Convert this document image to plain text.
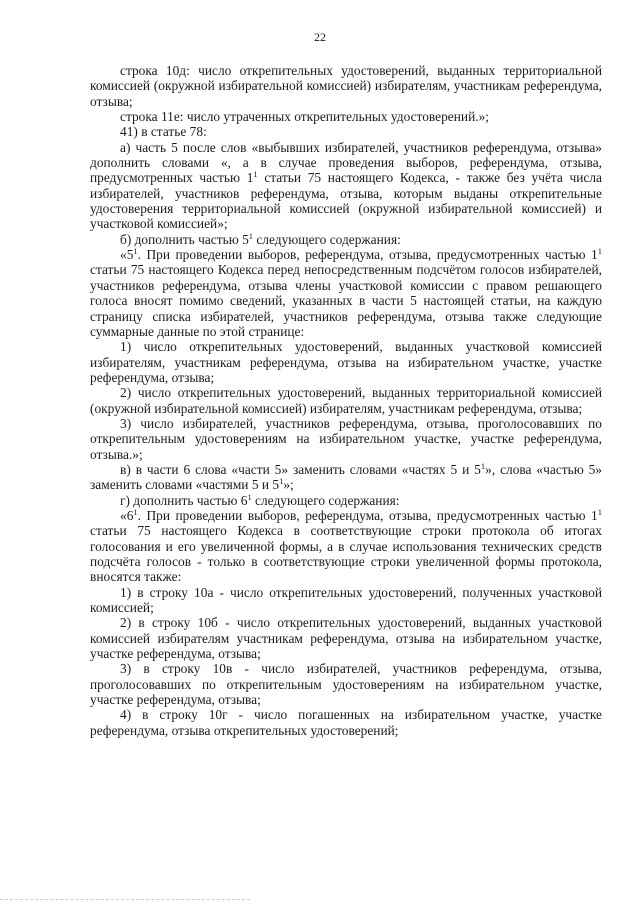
22

строка 10д: число открепительных удостоверений, выданных территориальной комиссией (окружной избирательной комиссией) избирателям, участникам референдума, отзыва;

строка 11е: число утраченных открепительных удостоверений.»;

41) в статье 78:

а) часть 5 после слов «выбывших избирателей, участников референдума, отзыва» дополнить словами «, а в случае проведения выборов, референдума, отзыва, предусмотренных частью $1^1$ статьи 75 настоящего Кодекса, - также без учёта числа избирателей, участников референдума, отзыва, которым выданы открепительные удостоверения территориальной комиссией (окружной избирательной комиссией) и участковой комиссией»;

б) дополнить частью $5^1$ следующего содержания:

«$5^1$. При проведении выборов, референдума, отзыва, предусмотренных частью $1^1$ статьи 75 настоящего Кодекса перед непосредственным подсчётом голосов избирателей, участников референдума, отзыва члены участковой комиссии с правом решающего голоса вносят помимо сведений, указанных в части 5 настоящей статьи, на каждую страницу списка избирателей, участников референдума, отзыва также следующие суммарные данные по этой странице:

1) число открепительных удостоверений, выданных участковой комиссией избирателям, участникам референдума, отзыва на избирательном участке, участке референдума, отзыва;

2) число открепительных удостоверений, выданных территориальной комиссией (окружной избирательной комиссией) избирателям, участникам референдума, отзыва;

3) число избирателей, участников референдума, отзыва, проголосовавших по открепительным удостоверениям на избирательном участке, участке референдума, отзыва.»;

в) в части 6 слова «части 5» заменить словами «частях 5 и $5^1$», слова «частью 5» заменить словами «частями 5 и $5^1$»;

г) дополнить частью $6^1$ следующего содержания:

«$6^1$. При проведении выборов, референдума, отзыва, предусмотренных частью $1^1$ статьи 75 настоящего Кодекса в соответствующие строки протокола об итогах голосования и его увеличенной формы, а в случае использования технических средств подсчёта голосов - только в соответствующие строки увеличенной формы протокола, вносятся также:

1) в строку 10а - число открепительных удостоверений, полученных участковой комиссией;

2) в строку 10б - число открепительных удостоверений, выданных участковой комиссией избирателям участникам референдума, отзыва на избирательном участке, участке референдума, отзыва;

3) в строку 10в - число избирателей, участников референдума, отзыва, проголосовавших по открепительным удостоверениям на избирательном участке, участке референдума, отзыва;

4) в строку 10г - число погашенных на избирательном участке, участке референдума, отзыва открепительных удостоверений;
